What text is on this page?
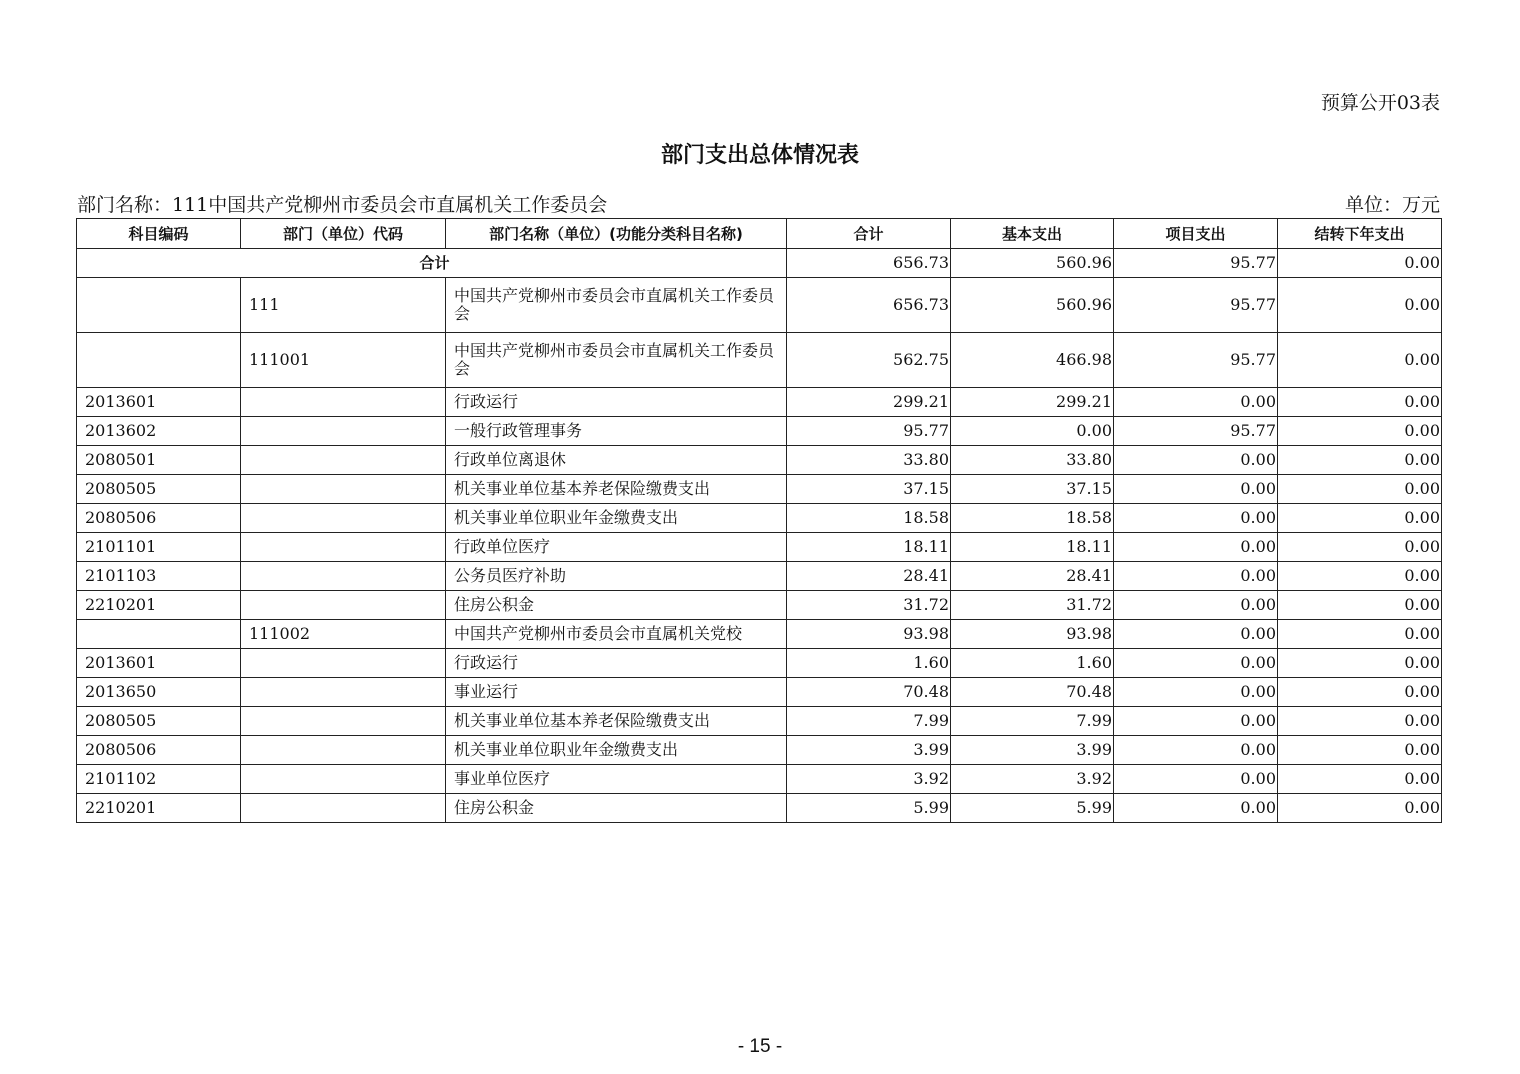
预算公开03表
部门支出总体情况表
部门名称：111中国共产党柳州市委员会市直属机关工作委员会	单位：万元
科目编码	部门（单位）代码	部门名称（单位）(功能分类科目名称)	合计	基本支出	项目支出	结转下年支出
合计			656.73	560.96	95.77	0.00
	111	中国共产党柳州市委员会市直属机关工作委员会	656.73	560.96	95.77	0.00
	111001	中国共产党柳州市委员会市直属机关工作委员会	562.75	466.98	95.77	0.00
2013601		行政运行	299.21	299.21	0.00	0.00
2013602		一般行政管理事务	95.77	0.00	95.77	0.00
2080501		行政单位离退休	33.80	33.80	0.00	0.00
2080505		机关事业单位基本养老保险缴费支出	37.15	37.15	0.00	0.00
2080506		机关事业单位职业年金缴费支出	18.58	18.58	0.00	0.00
2101101		行政单位医疗	18.11	18.11	0.00	0.00
2101103		公务员医疗补助	28.41	28.41	0.00	0.00
2210201		住房公积金	31.72	31.72	0.00	0.00
	111002	中国共产党柳州市委员会市直属机关党校	93.98	93.98	0.00	0.00
2013601		行政运行	1.60	1.60	0.00	0.00
2013650		事业运行	70.48	70.48	0.00	0.00
2080505		机关事业单位基本养老保险缴费支出	7.99	7.99	0.00	0.00
2080506		机关事业单位职业年金缴费支出	3.99	3.99	0.00	0.00
2101102		事业单位医疗	3.92	3.92	0.00	0.00
2210201		住房公积金	5.99	5.99	0.00	0.00
- 15 -
